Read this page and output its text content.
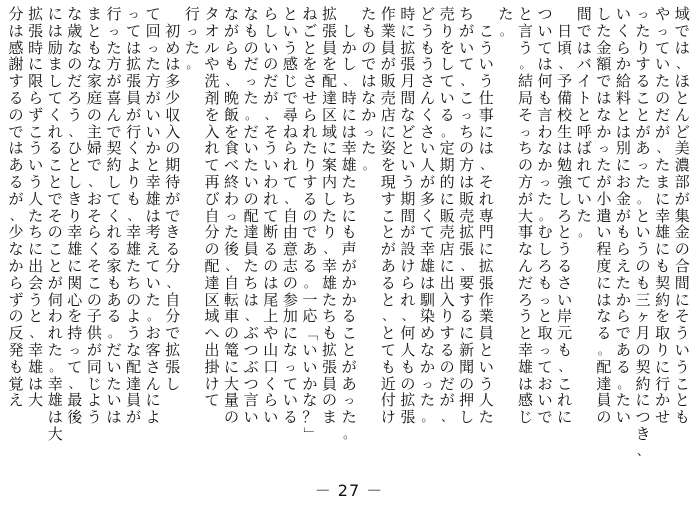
域
で
は
、
ほ
と
ん
ど
美
濃
部
が
集
金
の
合
間
に
そ
う
い
う
こ
と
も
や
っ
て
い
た
の
だ
が
、
た
ま
に
幸
雄
に
も
契
約
を
取
り
に
行
か
せ
っ
た
り
す
る
こ
と
が
あ
っ
た
。
と
い
う
の
も
三
ヶ
月
の
契
約
に
つ
き
、
い
く
ら
か
給
料
と
は
別
に
お
金
が
も
ら
え
た
か
ら
で
あ
る
。
た
い
し
た
金
額
で
は
な
か
っ
た
が
小
遣
い
程
度
に
は
な
る
。
配
達
員
の
間
で
は
バ
イ
ト
と
呼
ば
れ
て
い
た
。

日
頃
、
予
備
校
生
は
勉
強
し
ろ
と
う
る
さ
い
岸
元
も
、
こ
れ
に
つ
い
て
は
何
も
言
わ
な
か
っ
た
。
む
し
ろ
も
っ
と
取
っ
て
お
い
で
と
言
う
。
結
局
そ
っ
ち
の
方
が
大
事
な
ん
だ
ろ
う
と
幸
雄
は
感
じ
た
。

こ
う
い
う
仕
事
に
は
、
そ
れ
専
門
に
拡
張
作
業
員
と
い
う
人
た
ち
が
い
て
、
こ
っ
ち
の
方
は
販
売
拡
張
、
要
す
る
に
新
聞
の
押
し
売
り
を
し
て
い
る
。
定
期
的
に
販
売
店
に
出
入
り
す
る
の
だ
が
、
ど
う
も
う
さ
ん
く
さ
い
人
が
多
く
て
幸
雄
は
馴
染
め
な
か
っ
た
。
時
に
拡
張
月
間
な
ど
と
い
う
期
間
が
設
け
ら
れ
、
何
人
も
の
拡
張
作
業
員
が
販
売
店
に
姿
を
現
す
こ
と
が
あ
る
と
、
と
て
も
近
付
け
た
も
の
で
は
な
か
っ
た
。

し
か
し
、
時
に
は
幸
雄
た
ち
に
も
声
が
か
か
る
こ
と
が
あ
っ
た
。
拡
張
員
を
配
達
区
域
に
案
内
し
た
り
、
幸
雄
た
ち
も
拡
張
員
の
ま
ね
ご
と
を
さ
せ
ら
れ
た
り
す
る
の
で
あ
る
。
一
応
「
い
い
か
な
？
」
と
い
う
感
じ
で
尋
ね
ら
れ
て
、
自
由
意
志
の
参
加
に
な
っ
て
い
る
ら
し
い
の
だ
が
、
そ
う
い
わ
れ
て
断
る
の
は
尾
上
や
山
口
く
ら
い
な
も
の
だ
っ
た
。
だ
い
た
い
の
配
達
員
た
ち
は
、
ぶ
つ
ぶ
つ
言
い
な
が
ら
も
、
晩
飯
を
食
べ
終
わ
っ
た
後
、
自
転
車
の
篭
に
大
量
の
タ
オ
ル
や
洗
剤
を
入
れ
て
再
び
自
分
の
配
達
区
域
へ
出
掛
け
て
行
っ
た
。

初
め
は
多
少
収
入
の
期
待
が
で
き
る
分
、
自
分
で
拡
張
し
て
回
っ
た
方
が
い
い
か
と
幸
雄
は
考
え
て
い
た
。
お
客
さ
ん
に
よ
っ
て
は
拡
張
員
が
行
く
よ
り
も
、
幸
雄
た
ち
の
よ
う
な
配
達
員
が
行
っ
た
方
が
喜
ん
で
契
約
し
て
く
れ
る
家
も
あ
る
。
だ
い
た
い
は
ま
と
も
な
家
庭
の
主
婦
で
、
お
そ
ら
く
そ
こ
の
子
供
が
同
じ
よ
う
な
歳
な
の
だ
ろ
う
、
ひ
と
し
き
り
幸
雄
に
関
心
を
持
っ
て
、
最
後
に
は
励
ま
し
て
く
れ
る
こ
と
で
そ
の
こ
と
が
伺
わ
れ
た
。
幸
雄
は
大
拡
張
時
に
限
ら
ず
こ
う
い
う
人
た
ち
に
出
会
う
と
、
幸
雄
は
大
分
は
感
謝
す
る
の
で
は
あ
る
が
、
少
な
か
ら
ず
の
反
発
も
覚
え
－ 27 －
